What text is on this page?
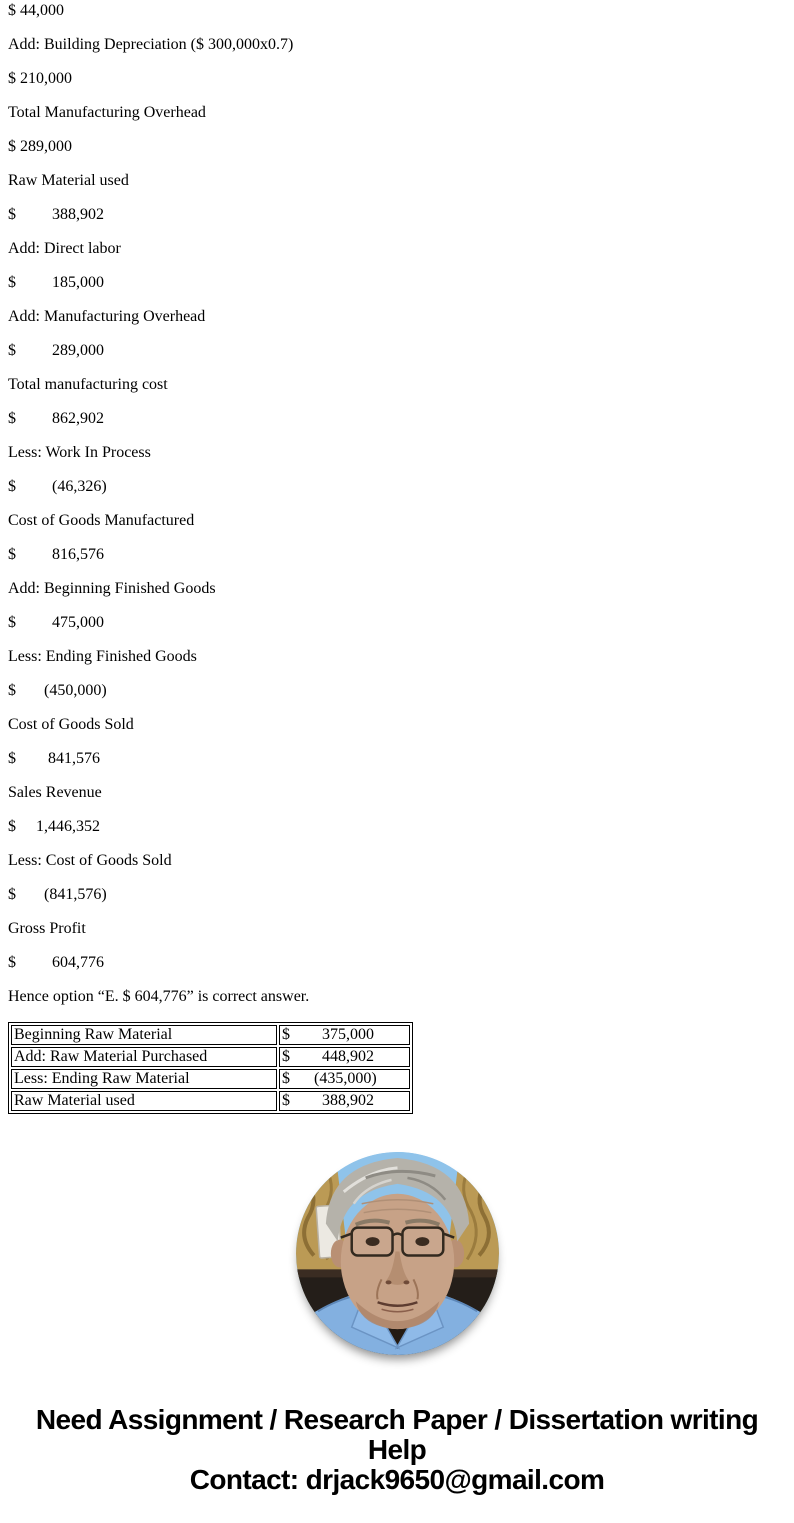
$ 44,000

Add: Building Depreciation ($ 300,000x0.7)

$ 210,000

Total Manufacturing Overhead

$ 289,000

Raw Material used

$         388,902

Add: Direct labor

$         185,000

Add: Manufacturing Overhead

$         289,000

Total manufacturing cost

$         862,902

Less: Work In Process

$         (46,326)

Cost of Goods Manufactured

$         816,576

Add: Beginning Finished Goods

$         475,000

Less: Ending Finished Goods

$       (450,000)

Cost of Goods Sold

$        841,576

Sales Revenue

$     1,446,352

Less: Cost of Goods Sold

$       (841,576)

Gross Profit

$         604,776

Hence option “E. $ 604,776” is correct answer.

Beginning Raw Material	$        375,000
Add: Raw Material Purchased	$        448,902
Less: Ending Raw Material	$      (435,000)
Raw Material used	$        388,902
Need Assignment / Research Paper / Dissertation writing Help
Contact: drjack9650@gmail.com
